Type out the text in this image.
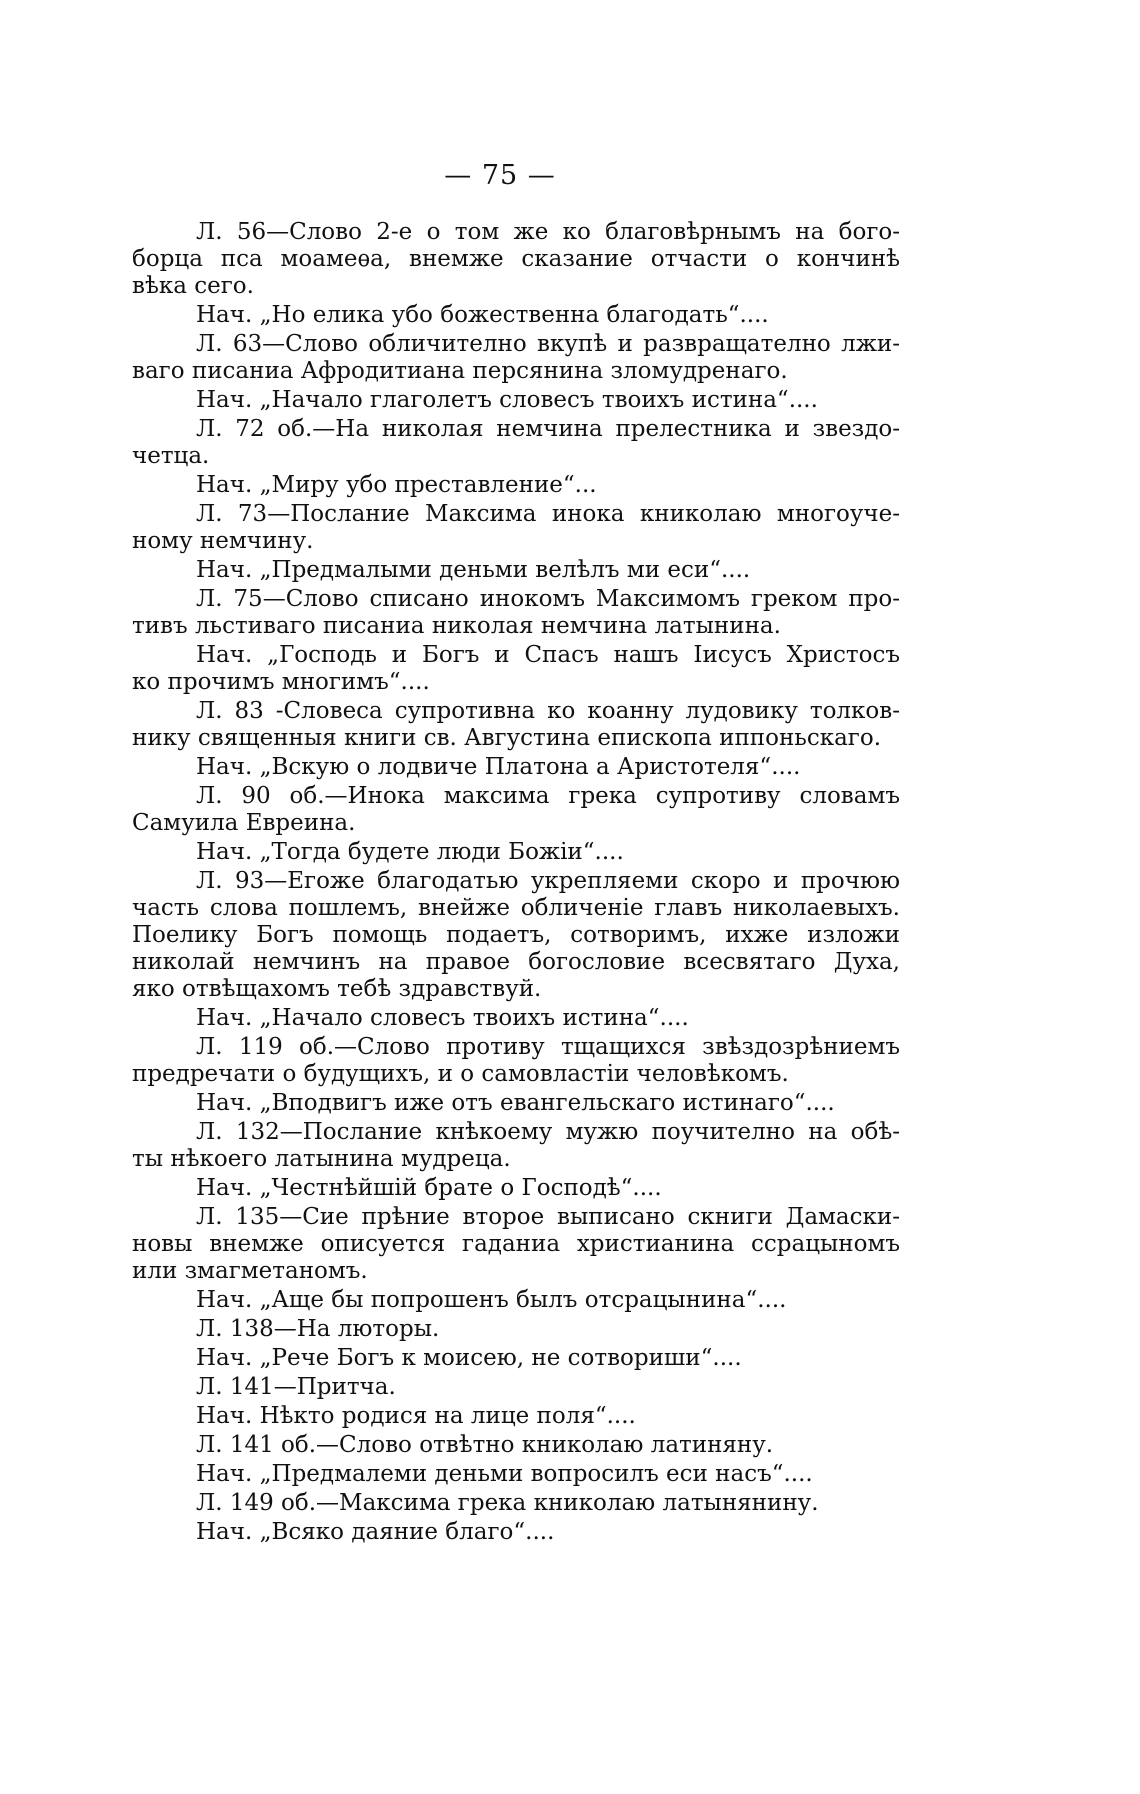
— 75 —
Л. 56—Слово 2-е о том же ко благовѣрнымъ на бого-
борца пса моамеѳа, внемже сказание отчасти о кончинѣ
вѣка сего.
Нач. „Но елика убо божественна благодать“....
Л. 63—Слово обличително вкупѣ и развращателно лжи-
ваго писаниа Афродитиана персянина зломудренаго.
Нач. „Начало глаголетъ словесъ твоихъ истина“....
Л. 72 об.—На николая немчина прелестника и звездо-
четца.
Нач. „Миру убо преставление“...
Л. 73—Послание Максима инока книколаю многоуче-
ному немчину.
Нач. „Предмалыми деньми велѣлъ ми еси“....
Л. 75—Слово списано инокомъ Максимомъ греком про-
тивъ льстиваго писаниа николая немчина латынина.
Нач. „Господь и Богъ и Спасъ нашъ Іисусъ Христосъ
ко прочимъ многимъ“....
Л. 83 -Словеса супротивна ко коанну лудовику толков-
нику священныя книги св. Августина епископа иппоньскаго.
Нач. „Вскую о лодвиче Платона а Аристотеля“....
Л. 90 об.—Инока максима грека супротиву словамъ
Самуила Евреина.
Нач. „Тогда будете люди Божіи“....
Л. 93—Егоже благодатью укрепляеми скоро и прочюю
часть слова пошлемъ, внейже обличеніе главъ николаевыхъ.
Поелику Богъ помощь подаетъ, сотворимъ, ихже изложи
николай немчинъ на правое богословие всесвятаго Духа,
яко отвѣщахомъ тебѣ здравствуй.
Нач. „Начало словесъ твоихъ истина“....
Л. 119 об.—Слово противу тщащихся звѣздозрѣниемъ
предречати о будущихъ, и о самовластіи человѣкомъ.
Нач. „Вподвигъ иже отъ евангельскаго истинаго“....
Л. 132—Послание кнѣкоему мужю поучително на обѣ-
ты нѣкоего латынина мудреца.
Нач. „Честнѣйшій брате о Господѣ“....
Л. 135—Сие прѣние второе выписано скниги Дамаски-
новы внемже описуется гаданиа христианина ссрацыномъ
или змагметаномъ.
Нач. „Аще бы попрошенъ былъ отсрацынина“....
Л. 138—На люторы.
Нач. „Рече Богъ к моисею, не сотвориши“....
Л. 141—Притча.
Нач. Нѣкто родися на лице поля“....
Л. 141 об.—Слово отвѣтно книколаю латиняну.
Нач. „Предмалеми деньми вопросилъ еси насъ“....
Л. 149 об.—Максима грека книколаю латынянину.
Нач. „Всяко даяние благо“....
